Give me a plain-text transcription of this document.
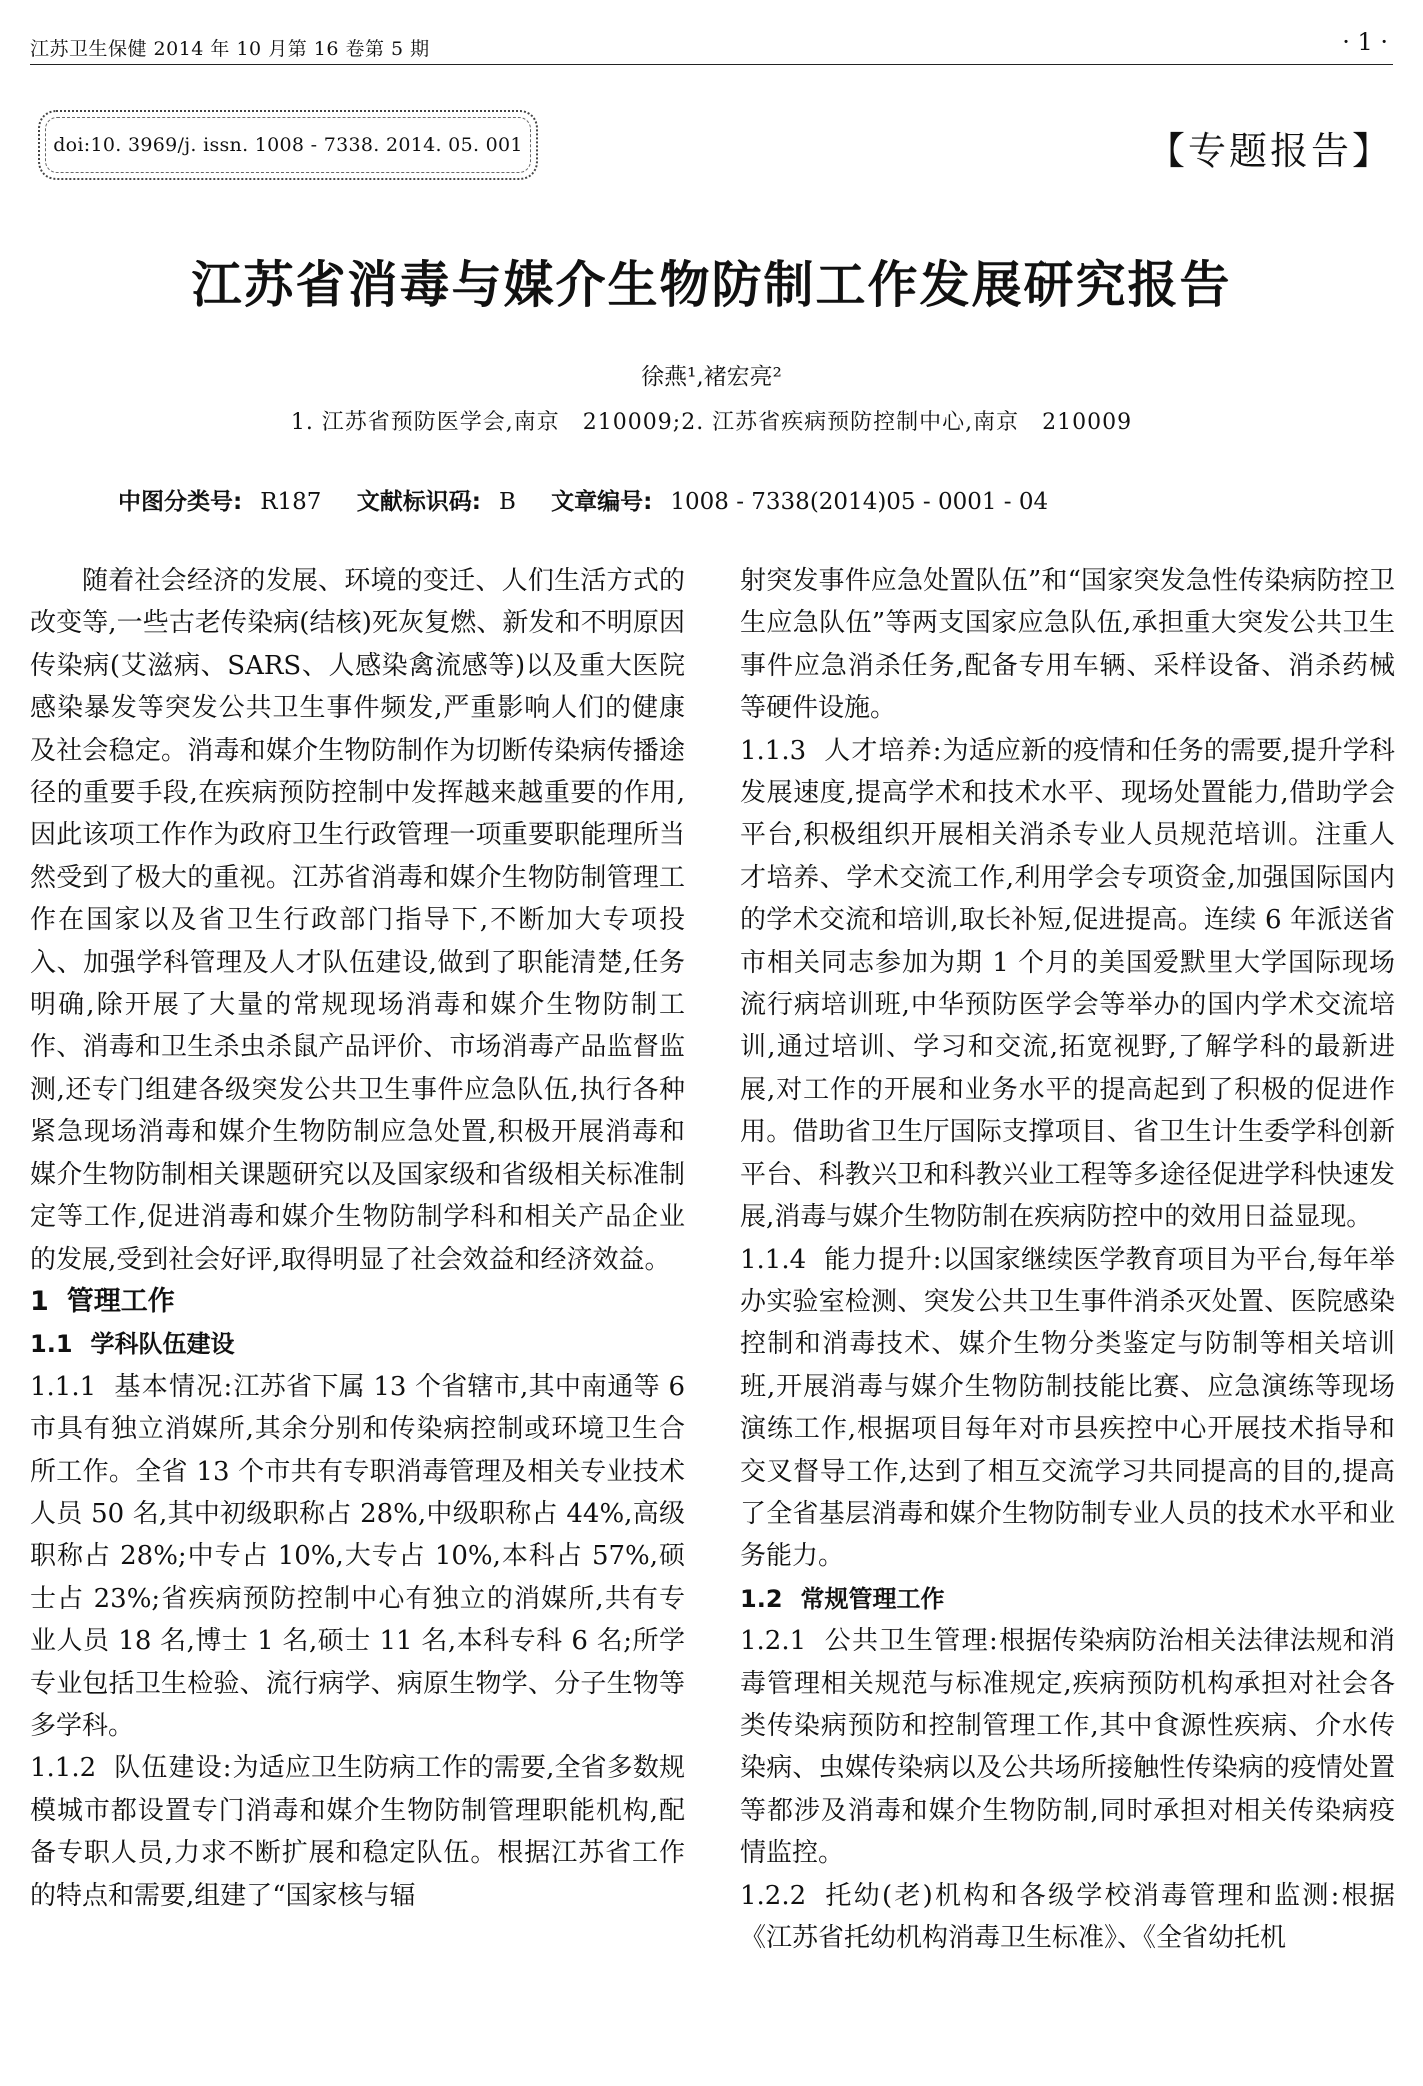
江苏卫生保健 2014 年 10 月第 16 卷第 5 期	· 1 ·
doi:10. 3969/j. issn. 1008 - 7338. 2014. 05. 001	【专题报告】
江苏省消毒与媒介生物防制工作发展研究报告
徐燕¹,褚宏亮²
1. 江苏省预防医学会,南京　210009;2. 江苏省疾病预防控制中心,南京　210009
中图分类号: R187 文献标识码: B 文章编号: 1008 - 7338(2014)05 - 0001 - 04

随着社会经济的发展、环境的变迁、人们生活方式的改变等,一些古老传染病(结核)死灰复燃、新发和不明原因传染病(艾滋病、SARS、人感染禽流感等)以及重大医院感染暴发等突发公共卫生事件频发,严重影响人们的健康及社会稳定。消毒和媒介生物防制作为切断传染病传播途径的重要手段,在疾病预防控制中发挥越来越重要的作用,因此该项工作作为政府卫生行政管理一项重要职能理所当然受到了极大的重视。江苏省消毒和媒介生物防制管理工作在国家以及省卫生行政部门指导下,不断加大专项投入、加强学科管理及人才队伍建设,做到了职能清楚,任务明确,除开展了大量的常规现场消毒和媒介生物防制工作、消毒和卫生杀虫杀鼠产品评价、市场消毒产品监督监测,还专门组建各级突发公共卫生事件应急队伍,执行各种紧急现场消毒和媒介生物防制应急处置,积极开展消毒和媒介生物防制相关课题研究以及国家级和省级相关标准制定等工作,促进消毒和媒介生物防制学科和相关产品企业的发展,受到社会好评,取得明显了社会效益和经济效益。

1 管理工作
1.1 学科队伍建设

1.1.1 基本情况:江苏省下属 13 个省辖市,其中南通等 6 市具有独立消媒所,其余分别和传染病控制或环境卫生合所工作。全省 13 个市共有专职消毒管理及相关专业技术人员 50 名,其中初级职称占 28%,中级职称占 44%,高级职称占 28%;中专占 10%,大专占 10%,本科占 57%,硕士占 23%;省疾病预防控制中心有独立的消媒所,共有专业人员 18 名,博士 1 名,硕士 11 名,本科专科 6 名;所学专业包括卫生检验、流行病学、病原生物学、分子生物等多学科。

1.1.2 队伍建设:为适应卫生防病工作的需要,全省多数规模城市都设置专门消毒和媒介生物防制管理职能机构,配备专职人员,力求不断扩展和稳定队伍。根据江苏省工作的特点和需要,组建了“国家核与辐

射突发事件应急处置队伍”和“国家突发急性传染病防控卫生应急队伍”等两支国家应急队伍,承担重大突发公共卫生事件应急消杀任务,配备专用车辆、采样设备、消杀药械等硬件设施。

1.1.3 人才培养:为适应新的疫情和任务的需要,提升学科发展速度,提高学术和技术水平、现场处置能力,借助学会平台,积极组织开展相关消杀专业人员规范培训。注重人才培养、学术交流工作,利用学会专项资金,加强国际国内的学术交流和培训,取长补短,促进提高。连续 6 年派送省市相关同志参加为期 1 个月的美国爱默里大学国际现场流行病培训班,中华预防医学会等举办的国内学术交流培训,通过培训、学习和交流,拓宽视野,了解学科的最新进展,对工作的开展和业务水平的提高起到了积极的促进作用。借助省卫生厅国际支撑项目、省卫生计生委学科创新平台、科教兴卫和科教兴业工程等多途径促进学科快速发展,消毒与媒介生物防制在疾病防控中的效用日益显现。

1.1.4 能力提升:以国家继续医学教育项目为平台,每年举办实验室检测、突发公共卫生事件消杀灭处置、医院感染控制和消毒技术、媒介生物分类鉴定与防制等相关培训班,开展消毒与媒介生物防制技能比赛、应急演练等现场演练工作,根据项目每年对市县疾控中心开展技术指导和交叉督导工作,达到了相互交流学习共同提高的目的,提高了全省基层消毒和媒介生物防制专业人员的技术水平和业务能力。

1.2 常规管理工作

1.2.1 公共卫生管理:根据传染病防治相关法律法规和消毒管理相关规范与标准规定,疾病预防机构承担对社会各类传染病预防和控制管理工作,其中食源性疾病、介水传染病、虫媒传染病以及公共场所接触性传染病的疫情处置等都涉及消毒和媒介生物防制,同时承担对相关传染病疫情监控。

1.2.2 托幼(老)机构和各级学校消毒管理和监测:根据《江苏省托幼机构消毒卫生标准》、《全省幼托机
